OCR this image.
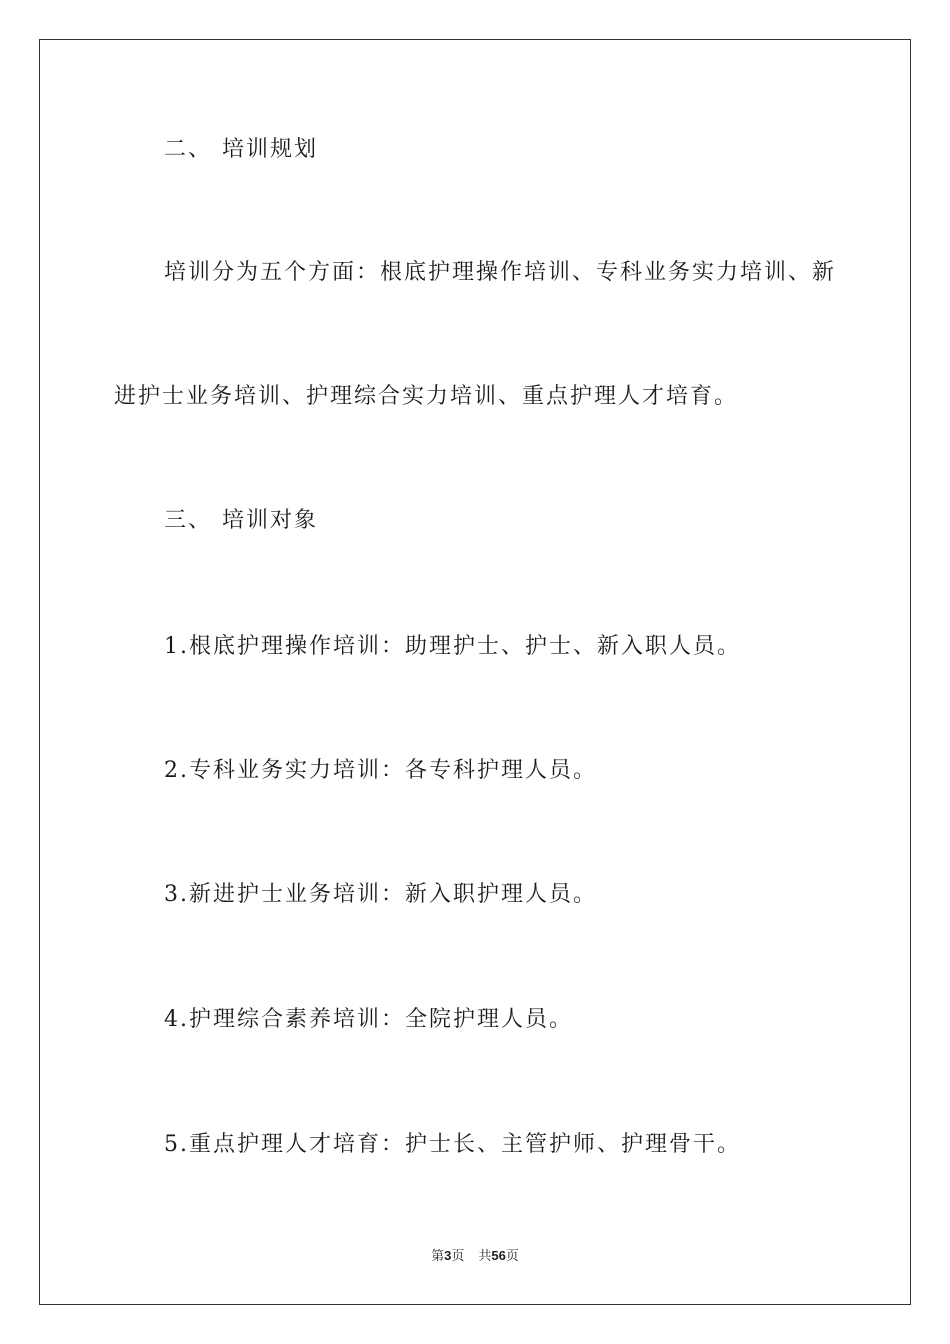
二、 培训规划
培训分为五个方面：根底护理操作培训、专科业务实力培训、新
进护士业务培训、护理综合实力培训、重点护理人才培育。
三、 培训对象
1.根底护理操作培训：助理护士、护士、新入职人员。
2.专科业务实力培训：各专科护理人员。
3.新进护士业务培训：新入职护理人员。
4.护理综合素养培训：全院护理人员。
5.重点护理人才培育：护士长、主管护师、护理骨干。
第3页 共56页
